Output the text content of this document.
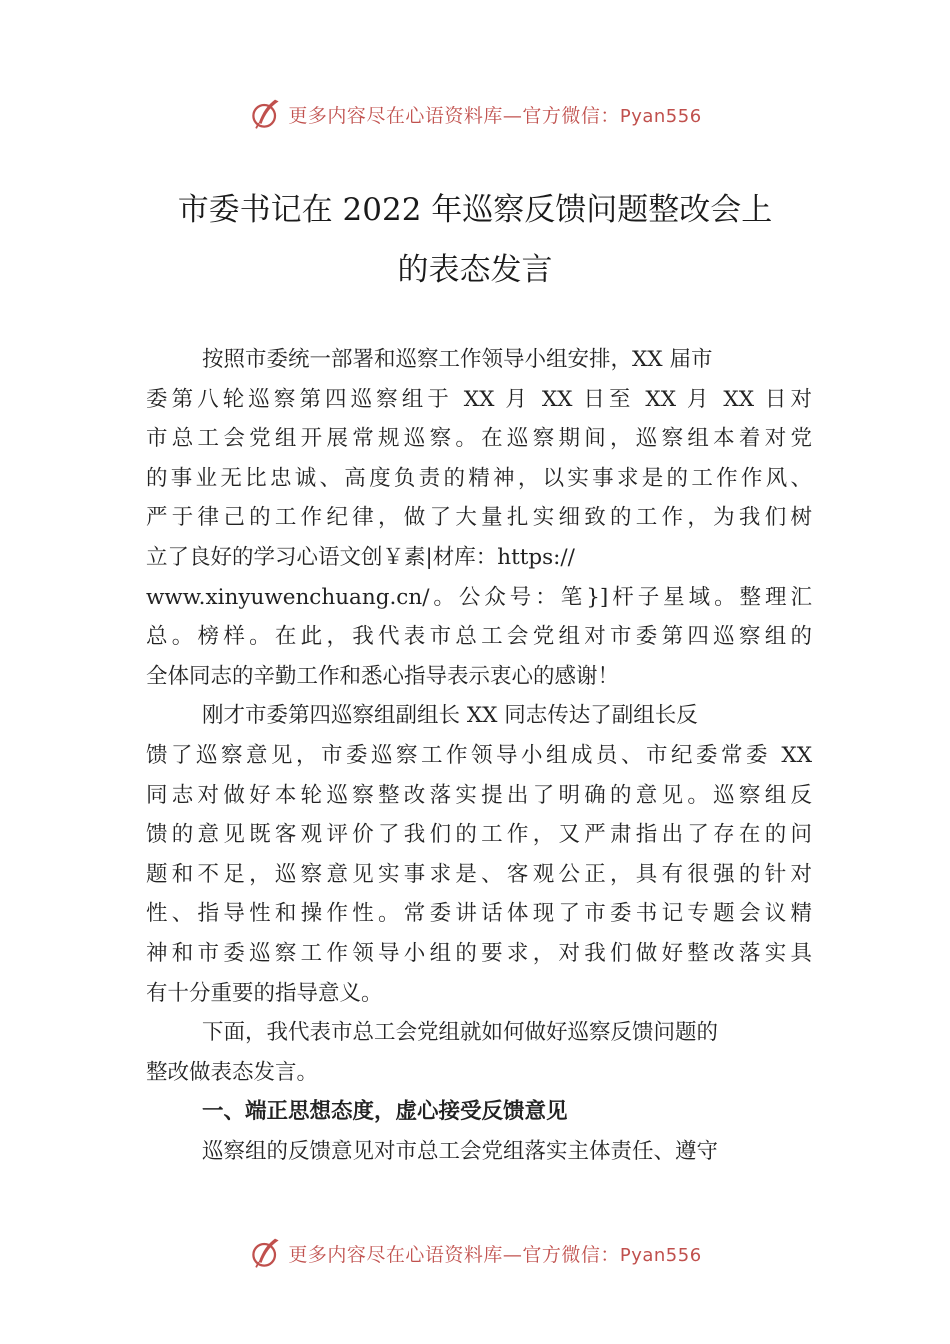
更多内容尽在心语资料库—官方微信：Pyan556
市委书记在 2022 年巡察反馈问题整改会上
的表态发言
按照市委统一部署和巡察工作领导小组安排，XX 届市
委第八轮巡察第四巡察组于 XX 月 XX 日至 XX 月 XX 日对
市总工会党组开展常规巡察。在巡察期间，巡察组本着对党
的事业无比忠诚、高度负责的精神，以实事求是的工作作风、
严于律己的工作纪律，做了大量扎实细致的工作，为我们树
立了良好的学习心语文创￥素|材库：https://
www.xinyuwenchuang.cn/。公众号：笔}]杆子星域。整理汇
总。榜样。在此，我代表市总工会党组对市委第四巡察组的
全体同志的辛勤工作和悉心指导表示衷心的感谢！
刚才市委第四巡察组副组长 XX 同志传达了副组长反
馈了巡察意见，市委巡察工作领导小组成员、市纪委常委 XX
同志对做好本轮巡察整改落实提出了明确的意见。巡察组反
馈的意见既客观评价了我们的工作，又严肃指出了存在的问
题和不足，巡察意见实事求是、客观公正，具有很强的针对
性、指导性和操作性。常委讲话体现了市委书记专题会议精
神和市委巡察工作领导小组的要求，对我们做好整改落实具
有十分重要的指导意义。
下面，我代表市总工会党组就如何做好巡察反馈问题的
整改做表态发言。
一、端正思想态度，虚心接受反馈意见
巡察组的反馈意见对市总工会党组落实主体责任、遵守
更多内容尽在心语资料库—官方微信：Pyan556
